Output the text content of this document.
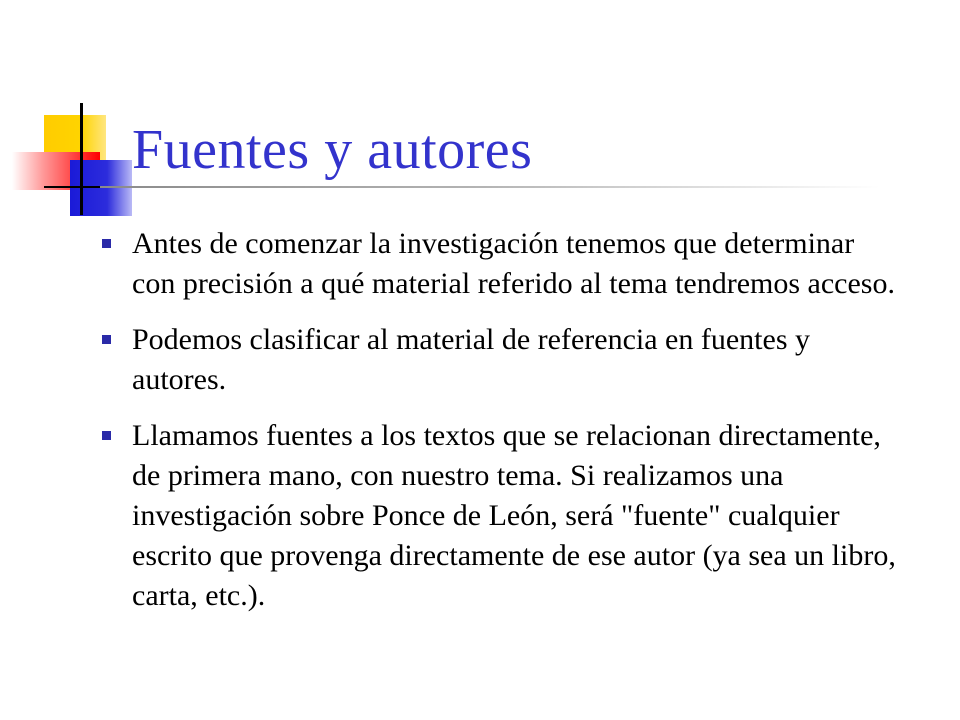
Fuentes y autores
Antes de comenzar la investigación tenemos que determinar con precisión a qué material referido al tema tendremos acceso.
Podemos clasificar al material de referencia en fuentes y autores.
Llamamos fuentes a los textos que se relacionan directamente, de primera mano, con nuestro tema. Si realizamos una investigación sobre Ponce de León, será "fuente" cualquier escrito que provenga directamente de ese autor (ya sea un libro, carta, etc.).
